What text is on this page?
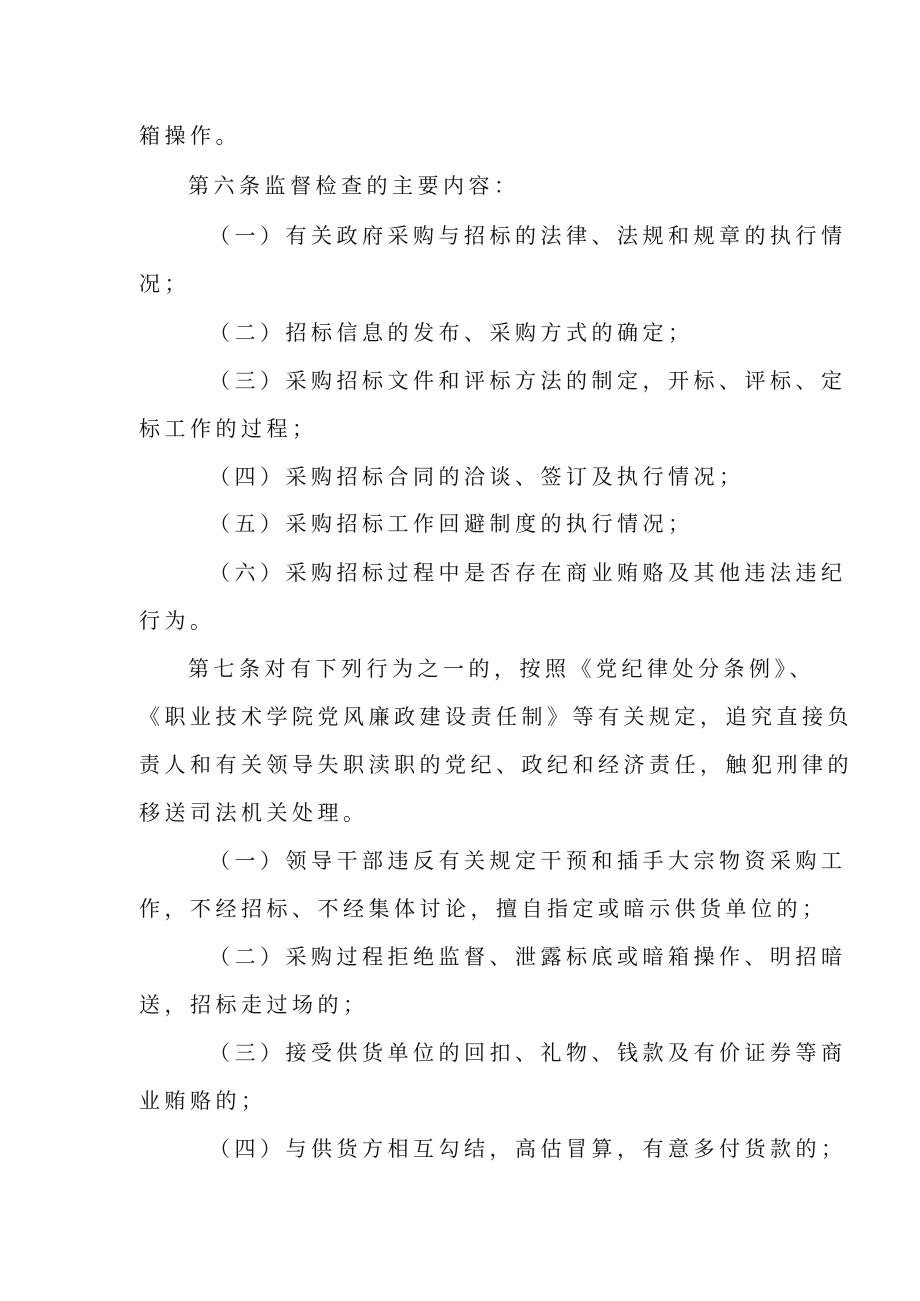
箱操作。
第六条监督检查的主要内容：
（一）有关政府采购与招标的法律、法规和规章的执行情
况；
（二）招标信息的发布、采购方式的确定；
（三）采购招标文件和评标方法的制定，开标、评标、定
标工作的过程；
（四）采购招标合同的洽谈、签订及执行情况；
（五）采购招标工作回避制度的执行情况；
（六）采购招标过程中是否存在商业贿赂及其他违法违纪
行为。
第七条对有下列行为之一的，按照《党纪律处分条例》、
《职业技术学院党风廉政建设责任制》等有关规定，追究直接负
责人和有关领导失职渎职的党纪、政纪和经济责任，触犯刑律的
移送司法机关处理。
（一）领导干部违反有关规定干预和插手大宗物资采购工
作，不经招标、不经集体讨论，擅自指定或暗示供货单位的；
（二）采购过程拒绝监督、泄露标底或暗箱操作、明招暗
送，招标走过场的；
（三）接受供货单位的回扣、礼物、钱款及有价证券等商
业贿赂的；
（四）与供货方相互勾结，高估冒算，有意多付货款的；
